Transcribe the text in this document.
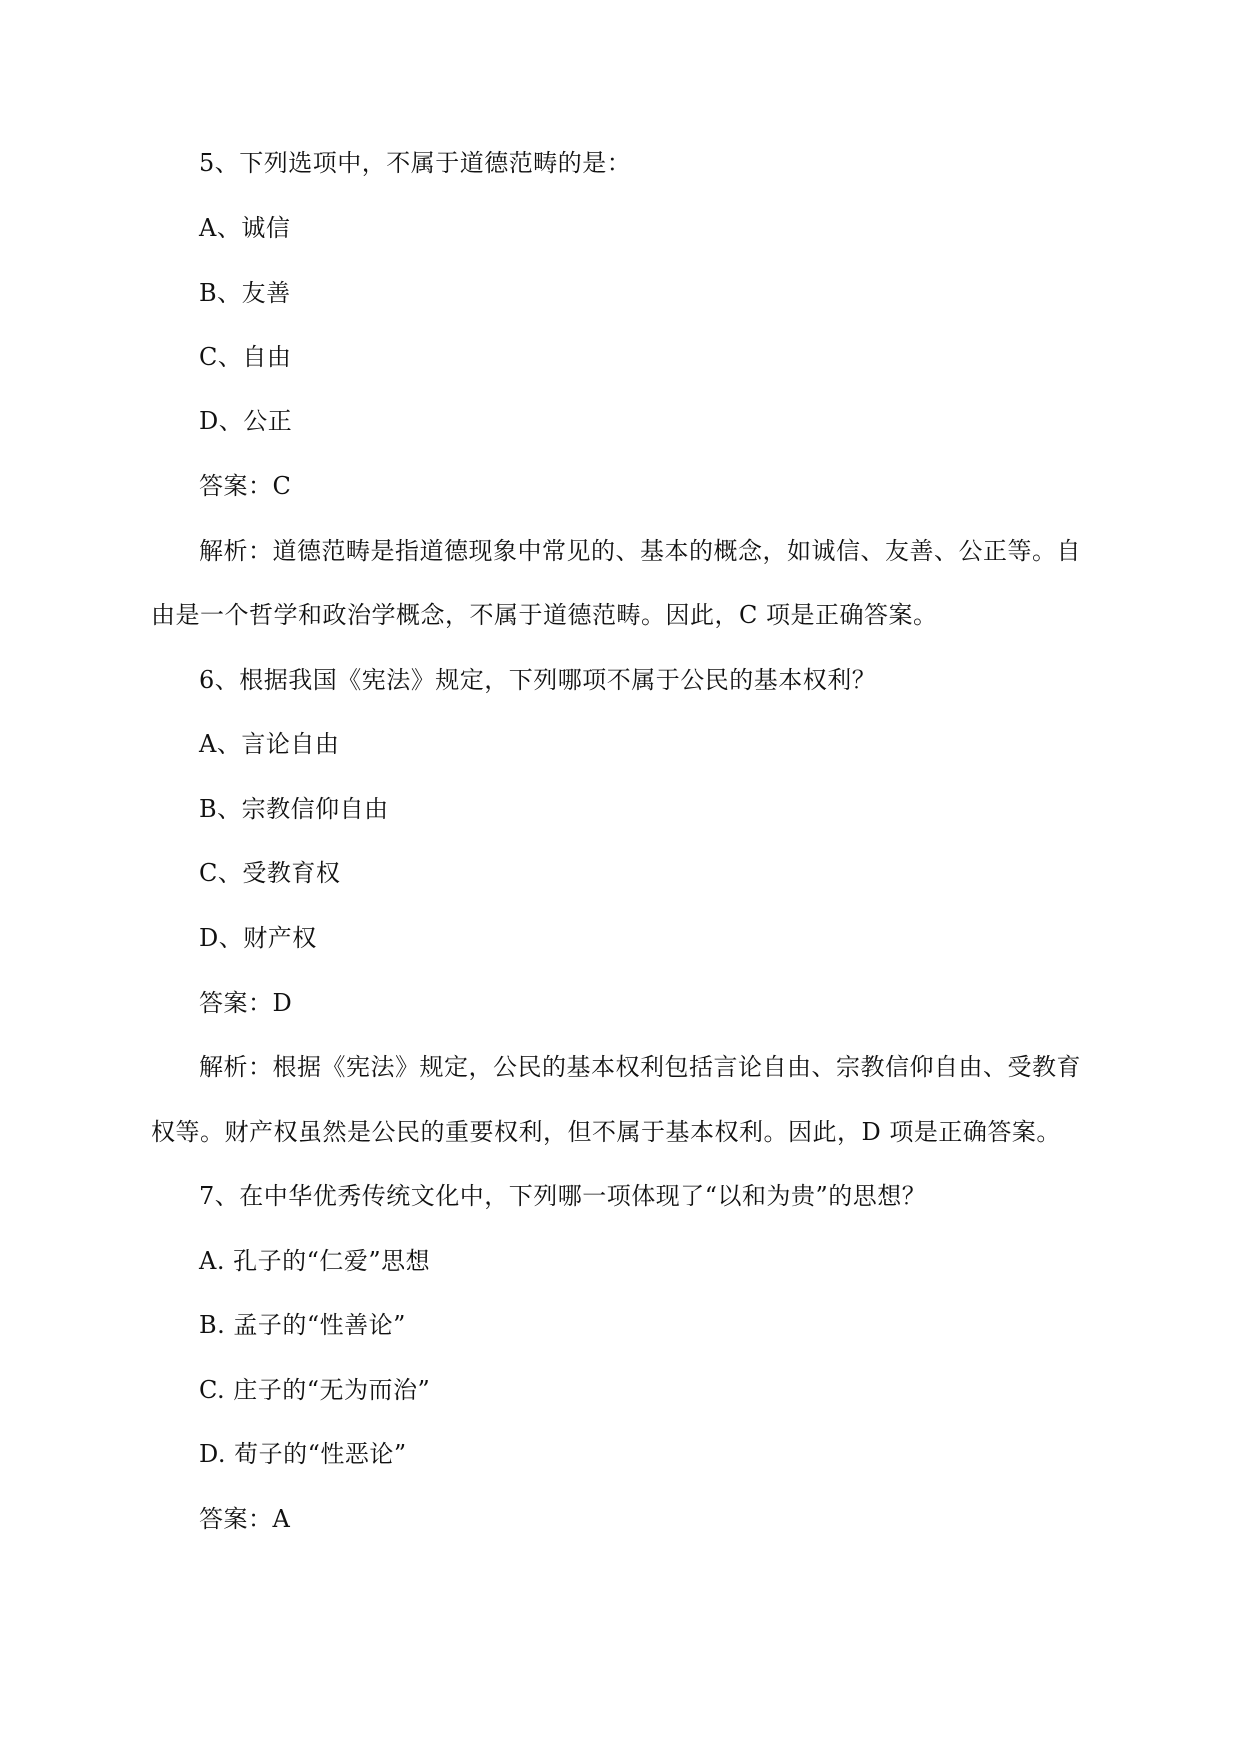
5、下列选项中，不属于道德范畴的是：
A、诚信
B、友善
C、自由
D、公正
答案：C
解析：道德范畴是指道德现象中常见的、基本的概念，如诚信、友善、公正等。自
由是一个哲学和政治学概念，不属于道德范畴。因此，C 项是正确答案。
6、根据我国《宪法》规定，下列哪项不属于公民的基本权利？
A、言论自由
B、宗教信仰自由
C、受教育权
D、财产权
答案：D
解析：根据《宪法》规定，公民的基本权利包括言论自由、宗教信仰自由、受教育
权等。财产权虽然是公民的重要权利，但不属于基本权利。因此，D 项是正确答案。
7、在中华优秀传统文化中，下列哪一项体现了“以和为贵”的思想？
A. 孔子的“仁爱”思想
B. 孟子的“性善论”
C. 庄子的“无为而治”
D. 荀子的“性恶论”
答案：A
